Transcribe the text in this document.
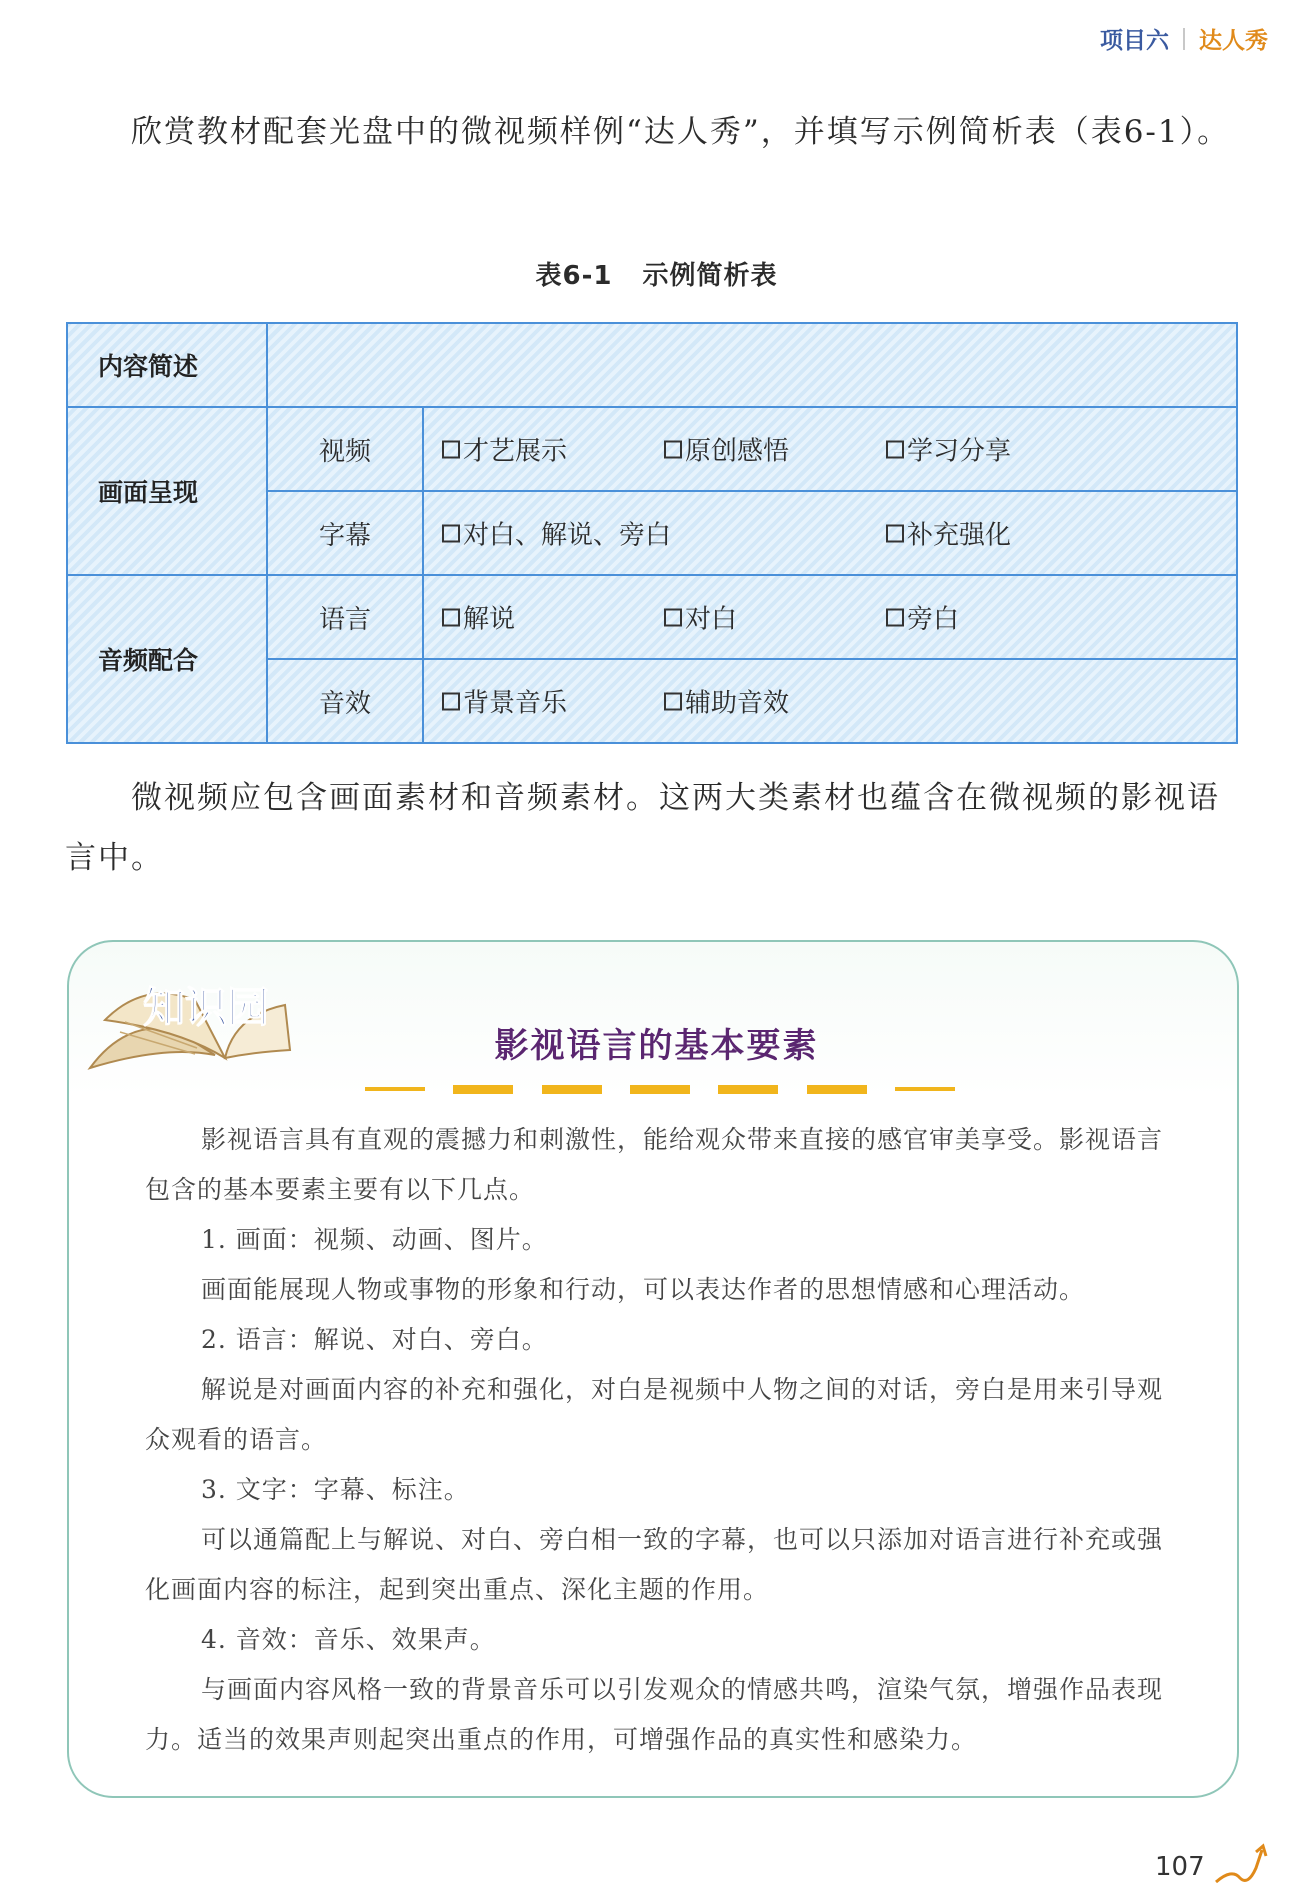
项目六 达人秀
欣赏教材配套光盘中的微视频样例“达人秀”，并填写示例简析表（表6-1）。
表6-1 示例简析表
内容简述		
画面呈现	视频	才艺展示 原创感悟 学习分享

	字幕	对白、解说、旁白 补充强化

音频配合	语言	解说 对白 旁白

	音效	背景音乐 辅助音效
微视频应包含画面素材和音频素材。这两大类素材也蕴含在微视频的影视语言中。
知识园
影视语言的基本要素

影视语言具有直观的震撼力和刺激性，能给观众带来直接的感官审美享受。影视语言包含的基本要素主要有以下几点。

1. 画面：视频、动画、图片。

画面能展现人物或事物的形象和行动，可以表达作者的思想情感和心理活动。

2. 语言：解说、对白、旁白。

解说是对画面内容的补充和强化，对白是视频中人物之间的对话，旁白是用来引导观众观看的语言。

3. 文字：字幕、标注。

可以通篇配上与解说、对白、旁白相一致的字幕，也可以只添加对语言进行补充或强化画面内容的标注，起到突出重点、深化主题的作用。

4. 音效：音乐、效果声。

与画面内容风格一致的背景音乐可以引发观众的情感共鸣，渲染气氛，增强作品表现力。适当的效果声则起突出重点的作用，可增强作品的真实性和感染力。

107
